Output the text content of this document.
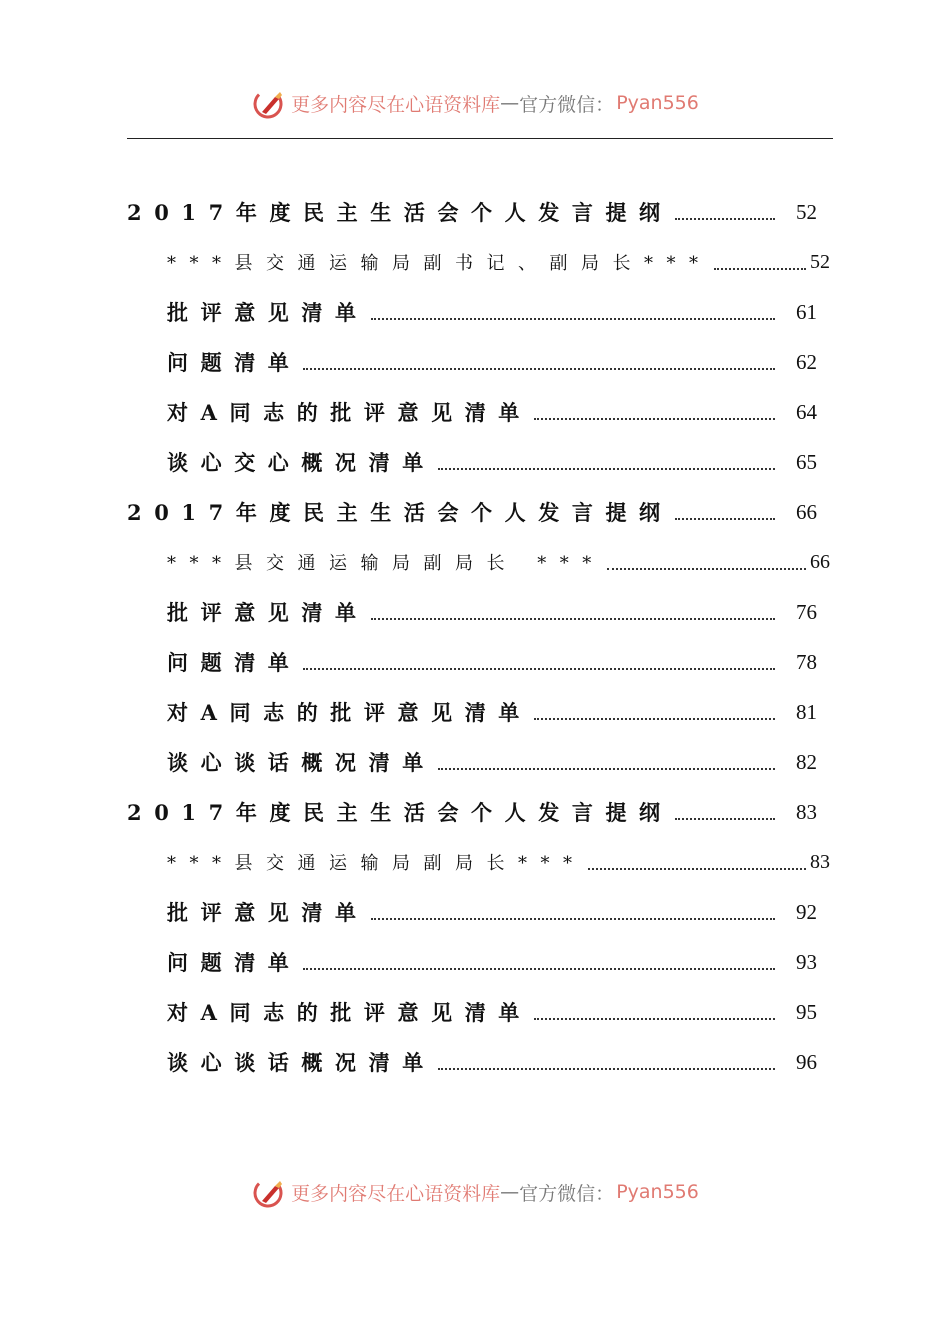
更多内容尽在心语资料库 — 官方微信： Pyan556
2017年度民主生活会个人发言提纲	52
***县交通运输局副书记、副局长***	52
批评意见清单	61
问题清单	62
对A同志的批评意见清单	64
谈心交心概况清单	65
2017年度民主生活会个人发言提纲	66
***县交通运输局副局长 ***	66
批评意见清单	76
问题清单	78
对A同志的批评意见清单	81
谈心谈话概况清单	82
2017年度民主生活会个人发言提纲	83
***县交通运输局副局长***	83
批评意见清单	92
问题清单	93
对A同志的批评意见清单	95
谈心谈话概况清单	96
更多内容尽在心语资料库 — 官方微信： Pyan556
